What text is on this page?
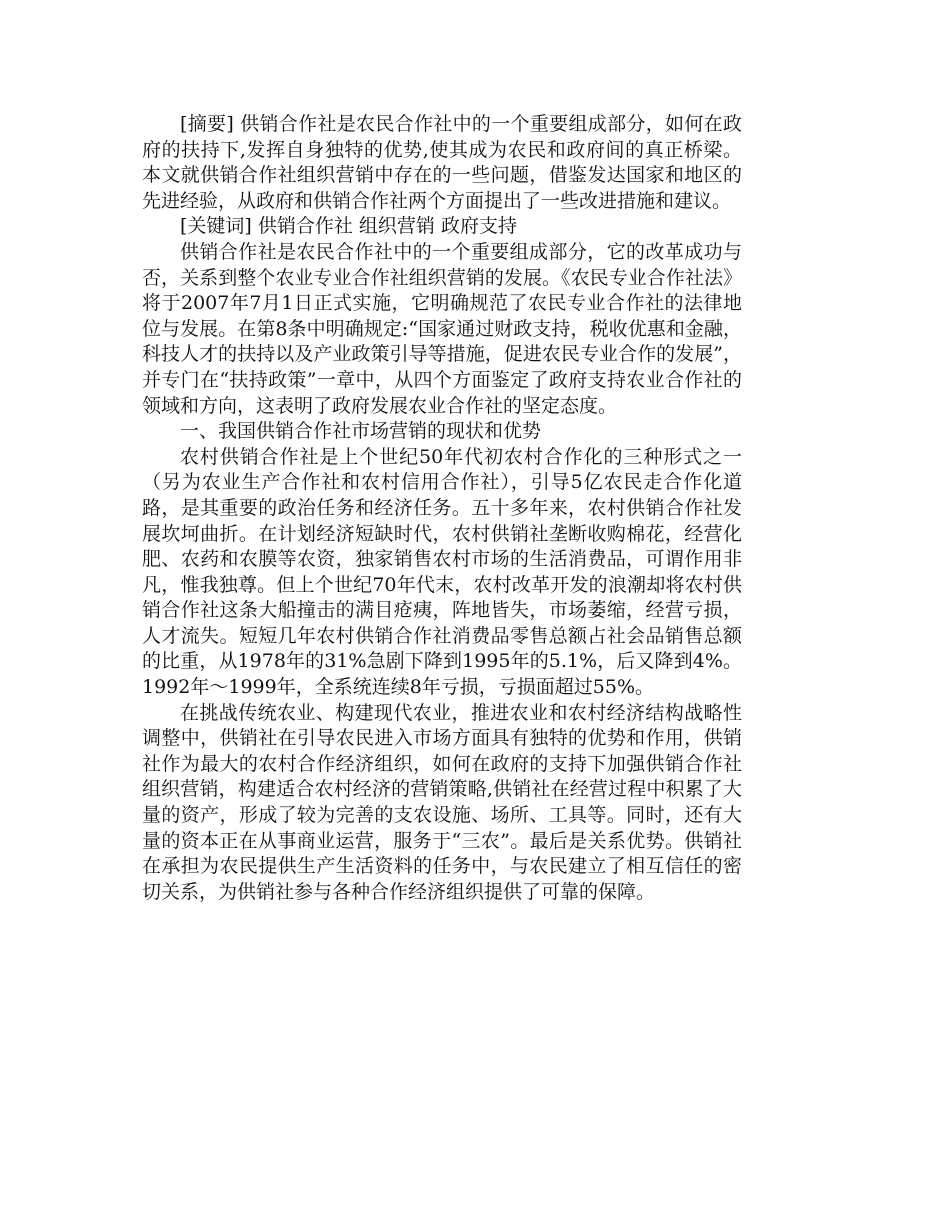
[摘要] 供销合作社是农民合作社中的一个重要组成部分，如何在政府的扶持下,发挥自身独特的优势,使其成为农民和政府间的真正桥梁。本文就供销合作社组织营销中存在的一些问题，借鉴发达国家和地区的先进经验，从政府和供销合作社两个方面提出了一些改进措施和建议。

[关键词] 供销合作社 组织营销 政府支持

供销合作社是农民合作社中的一个重要组成部分，它的改革成功与否，关系到整个农业专业合作社组织营销的发展。《农民专业合作社法》将于2007年7月1日正式实施，它明确规范了农民专业合作社的法律地位与发展。在第8条中明确规定:“国家通过财政支持，税收优惠和金融，科技人才的扶持以及产业政策引导等措施，促进农民专业合作的发展”，并专门在“扶持政策”一章中，从四个方面鉴定了政府支持农业合作社的领域和方向，这表明了政府发展农业合作社的坚定态度。

一、我国供销合作社市场营销的现状和优势

农村供销合作社是上个世纪50年代初农村合作化的三种形式之一（另为农业生产合作社和农村信用合作社），引导5亿农民走合作化道路，是其重要的政治任务和经济任务。五十多年来，农村供销合作社发展坎坷曲折。在计划经济短缺时代，农村供销社垄断收购棉花，经营化肥、农药和农膜等农资，独家销售农村市场的生活消费品，可谓作用非凡，惟我独尊。但上个世纪70年代末，农村改革开发的浪潮却将农村供销合作社这条大船撞击的满目疮痍，阵地皆失，市场萎缩，经营亏损，人才流失。短短几年农村供销合作社消费品零售总额占社会品销售总额的比重，从1978年的31%急剧下降到1995年的5.1%，后又降到4%。1992年～1999年，全系统连续8年亏损，亏损面超过55%。

在挑战传统农业、构建现代农业，推进农业和农村经济结构战略性调整中，供销社在引导农民进入市场方面具有独特的优势和作用，供销社作为最大的农村合作经济组织，如何在政府的支持下加强供销合作社组织营销，构建适合农村经济的营销策略,供销社在经营过程中积累了大量的资产，形成了较为完善的支农设施、场所、工具等。同时，还有大量的资本正在从事商业运营，服务于“三农”。最后是关系优势。供销社在承担为农民提供生产生活资料的任务中，与农民建立了相互信任的密切关系，为供销社参与各种合作经济组织提供了可靠的保障。
